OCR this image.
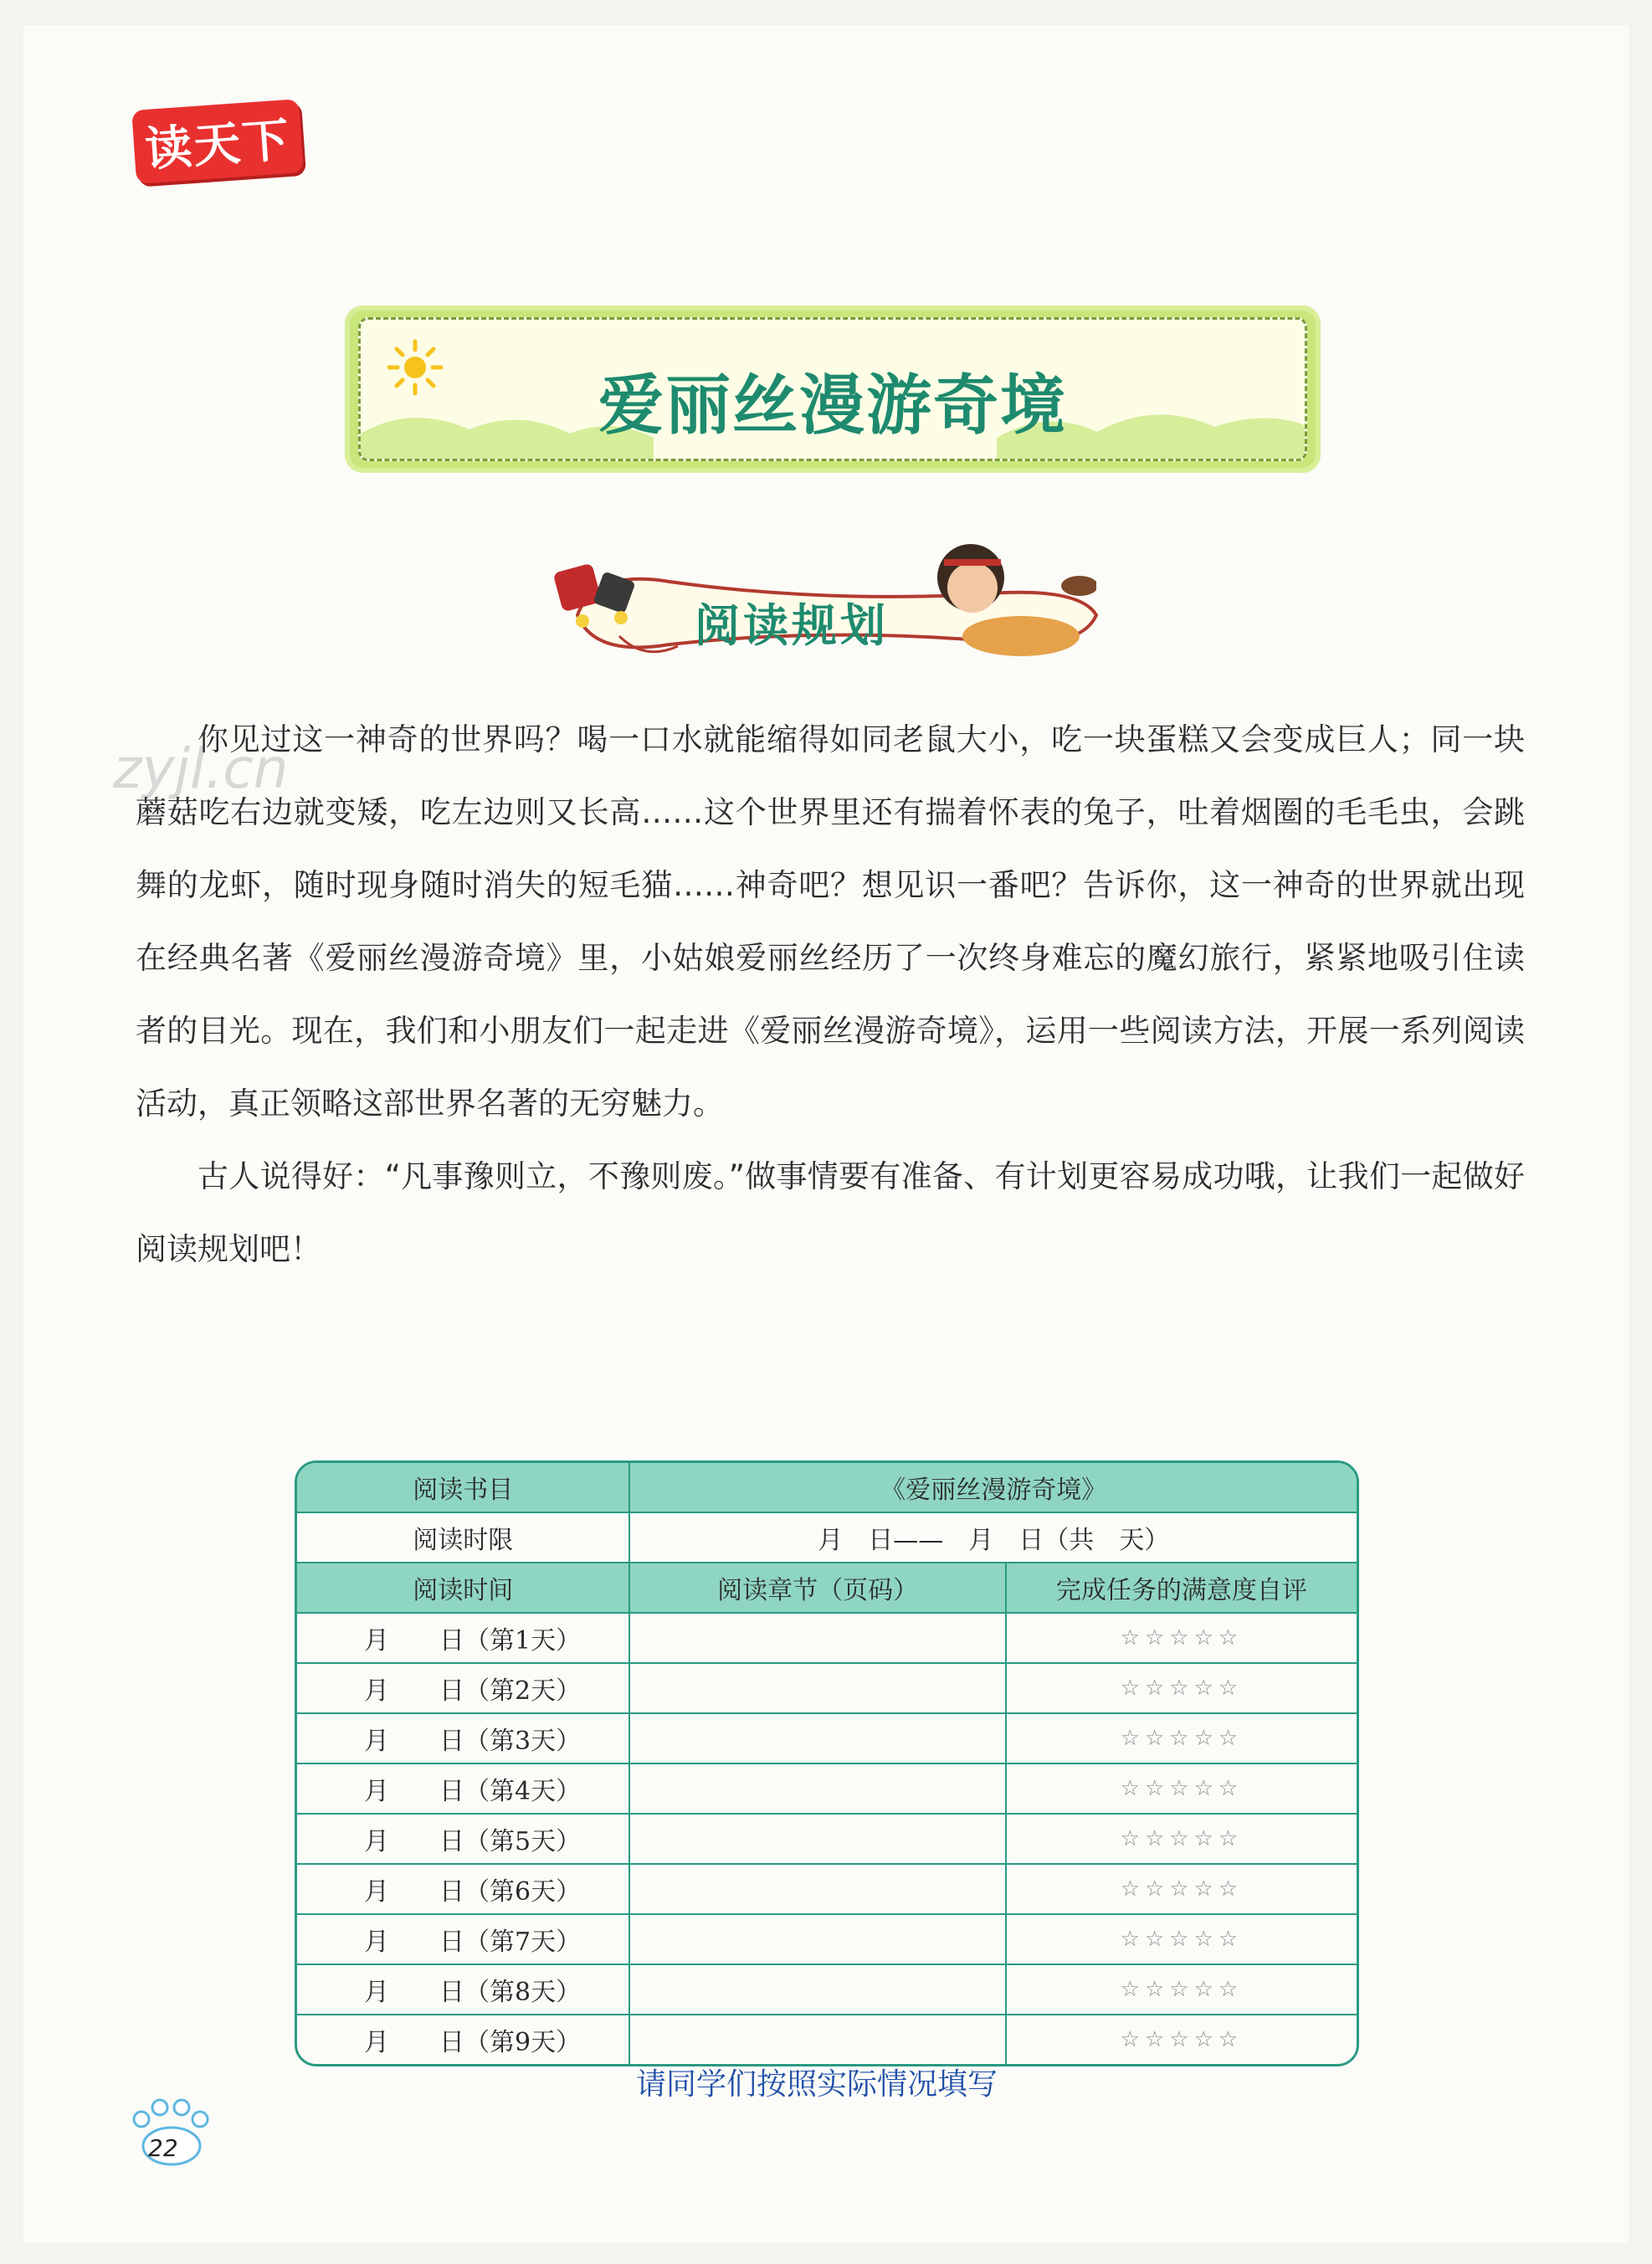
读天下
爱丽丝漫游奇境
阅读规划
zyjl.cn

你见过这一神奇的世界吗？喝一口水就能缩得如同老鼠大小，吃一块蛋糕又会变成巨人；同一块蘑菇吃右边就变矮，吃左边则又长高……这个世界里还有揣着怀表的兔子，吐着烟圈的毛毛虫，会跳舞的龙虾，随时现身随时消失的短毛猫……神奇吧？想见识一番吧？告诉你，这一神奇的世界就出现在经典名著《爱丽丝漫游奇境》里，小姑娘爱丽丝经历了一次终身难忘的魔幻旅行，紧紧地吸引住读者的目光。现在，我们和小朋友们一起走进《爱丽丝漫游奇境》，运用一些阅读方法，开展一系列阅读活动，真正领略这部世界名著的无穷魅力。

古人说得好：“凡事豫则立，不豫则废。”做事情要有准备、有计划更容易成功哦，让我们一起做好阅读规划吧！

阅读书目	《爱丽丝漫游奇境》	
阅读时限	月　日——　月　日（共　天）	
阅读时间	阅读章节（页码）	完成任务的满意度自评
月　　日（第1天）		☆☆☆☆☆
月　　日（第2天）		☆☆☆☆☆
月　　日（第3天）		☆☆☆☆☆
月　　日（第4天）		☆☆☆☆☆
月　　日（第5天）		☆☆☆☆☆
月　　日（第6天）		☆☆☆☆☆
月　　日（第7天）		☆☆☆☆☆
月　　日（第8天）		☆☆☆☆☆
月　　日（第9天）		☆☆☆☆☆
请同学们按照实际情况填写
22
